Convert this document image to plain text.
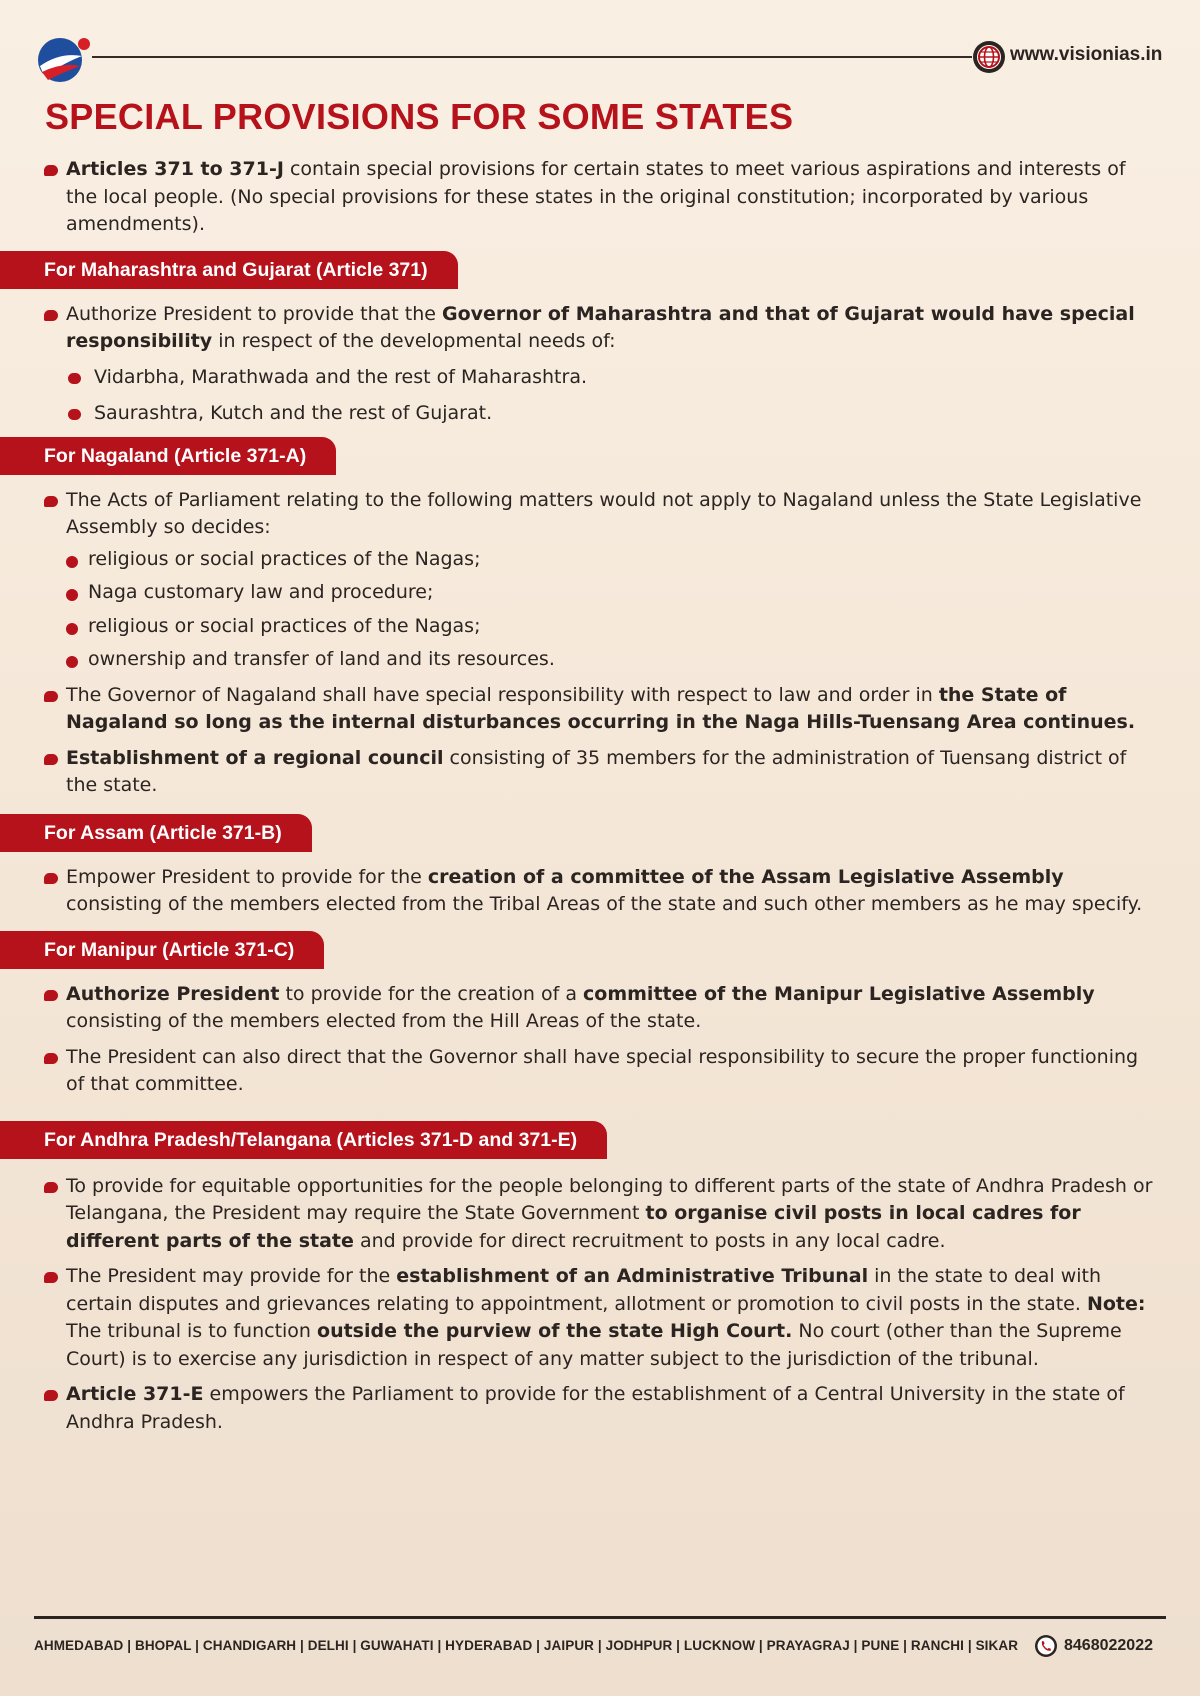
www.visionias.in
SPECIAL PROVISIONS FOR SOME STATES
Articles 371 to 371-J contain special provisions for certain states to meet various aspirations and interests of the local people. (No special provisions for these states in the original constitution; incorporated by various amendments).
For Maharashtra and Gujarat (Article 371)
Authorize President to provide that the Governor of Maharashtra and that of Gujarat would have special responsibility in respect of the developmental needs of:
Vidarbha, Marathwada and the rest of Maharashtra.
Saurashtra, Kutch and the rest of Gujarat.
For Nagaland (Article 371-A)
The Acts of Parliament relating to the following matters would not apply to Nagaland unless the State Legislative Assembly so decides:
religious or social practices of the Nagas;
Naga customary law and procedure;
religious or social practices of the Nagas;
ownership and transfer of land and its resources.
The Governor of Nagaland shall have special responsibility with respect to law and order in the State of Nagaland so long as the internal disturbances occurring in the Naga Hills-Tuensang Area continues.
Establishment of a regional council consisting of 35 members for the administration of Tuensang district of the state.
For Assam (Article 371-B)
Empower President to provide for the creation of a committee of the Assam Legislative Assembly consisting of the members elected from the Tribal Areas of the state and such other members as he may specify.
For Manipur (Article 371-C)
Authorize President to provide for the creation of a committee of the Manipur Legislative Assembly consisting of the members elected from the Hill Areas of the state.
The President can also direct that the Governor shall have special responsibility to secure the proper functioning of that committee.
For Andhra Pradesh/Telangana (Articles 371-D and 371-E)
To provide for equitable opportunities for the people belonging to different parts of the state of Andhra Pradesh or Telangana, the President may require the State Government to organise civil posts in local cadres for different parts of the state and provide for direct recruitment to posts in any local cadre.
The President may provide for the establishment of an Administrative Tribunal in the state to deal with certain disputes and grievances relating to appointment, allotment or promotion to civil posts in the state. Note: The tribunal is to function outside the purview of the state High Court. No court (other than the Supreme Court) is to exercise any jurisdiction in respect of any matter subject to the jurisdiction of the tribunal.
Article 371-E empowers the Parliament to provide for the establishment of a Central University in the state of Andhra Pradesh.
AHMEDABAD | BHOPAL | CHANDIGARH | DELHI | GUWAHATI | HYDERABAD | JAIPUR | JODHPUR | LUCKNOW | PRAYAGRAJ | PUNE | RANCHI | SIKAR	8468022022
